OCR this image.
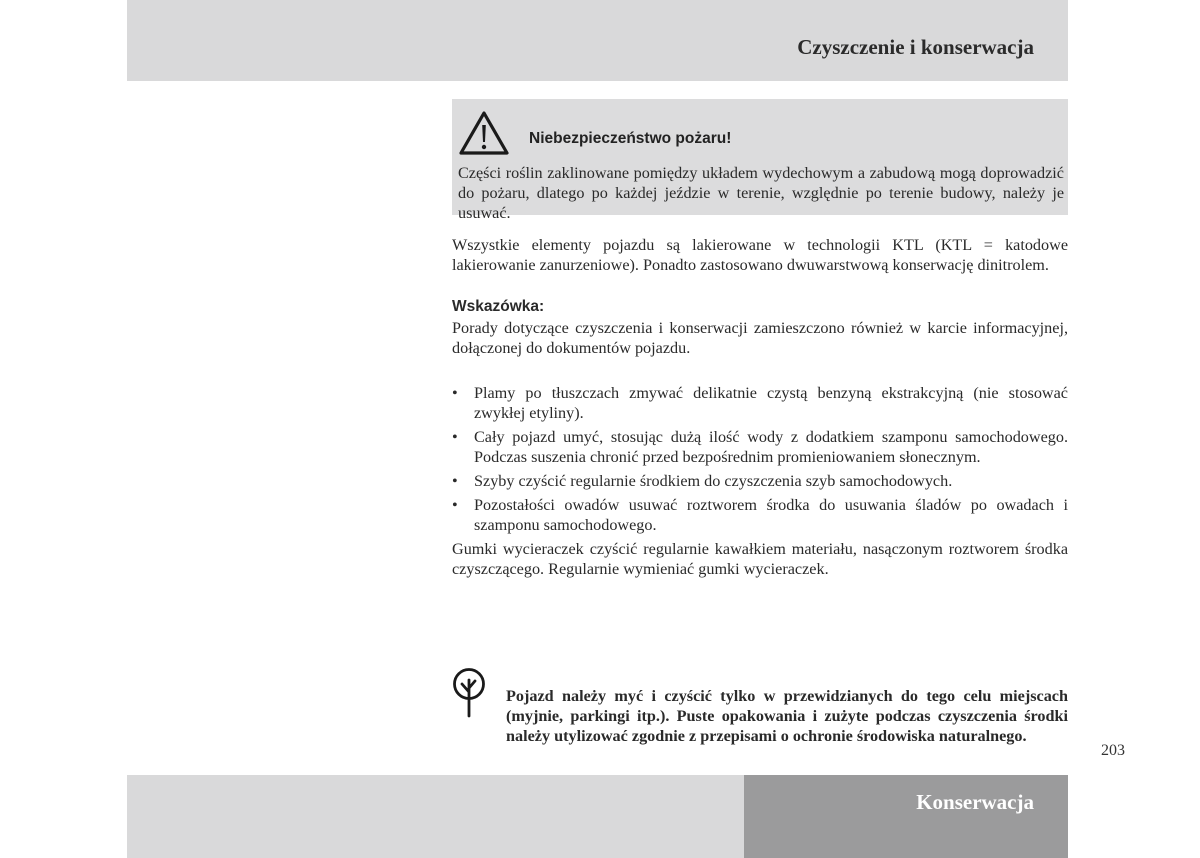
Czyszczenie i konserwacja
Niebezpieczeństwo pożaru!
Części roślin zaklinowane pomiędzy układem wydechowym a zabudową mogą doprowadzić do pożaru, dlatego po każdej jeździe w terenie, względnie po terenie budowy, należy je usuwać.

Wszystkie elementy pojazdu są lakierowane w technologii KTL (KTL = katodowe lakierowanie zanurzeniowe). Ponadto zastosowano dwuwarstwową konserwację dinitrolem.

Wskazówka:

Porady dotyczące czyszczenia i konserwacji zamieszczono również w karcie informacyjnej, dołączonej do dokumentów pojazdu.

• Plamy po tłuszczach zmywać delikatnie czystą benzyną ekstrakcyjną (nie stosować zwykłej etyliny).
• Cały pojazd umyć, stosując dużą ilość wody z dodatkiem szamponu samochodowego. Podczas suszenia chronić przed bezpośrednim promieniowaniem słonecznym.
• Szyby czyścić regularnie środkiem do czyszczenia szyb samochodowych.
• Pozostałości owadów usuwać roztworem środka do usuwania śladów po owadach i szamponu samochodowego.

Gumki wycieraczek czyścić regularnie kawałkiem materiału, nasączonym roztworem środka czyszczącego. Regularnie wymieniać gumki wycieraczek.

Pojazd należy myć i czyścić tylko w przewidzianych do tego celu miejscach (myjnie, parkingi itp.). Puste opakowania i zużyte podczas czyszczenia środki należy utylizować zgodnie z przepisami o ochronie środowiska naturalnego.
203
Konserwacja
